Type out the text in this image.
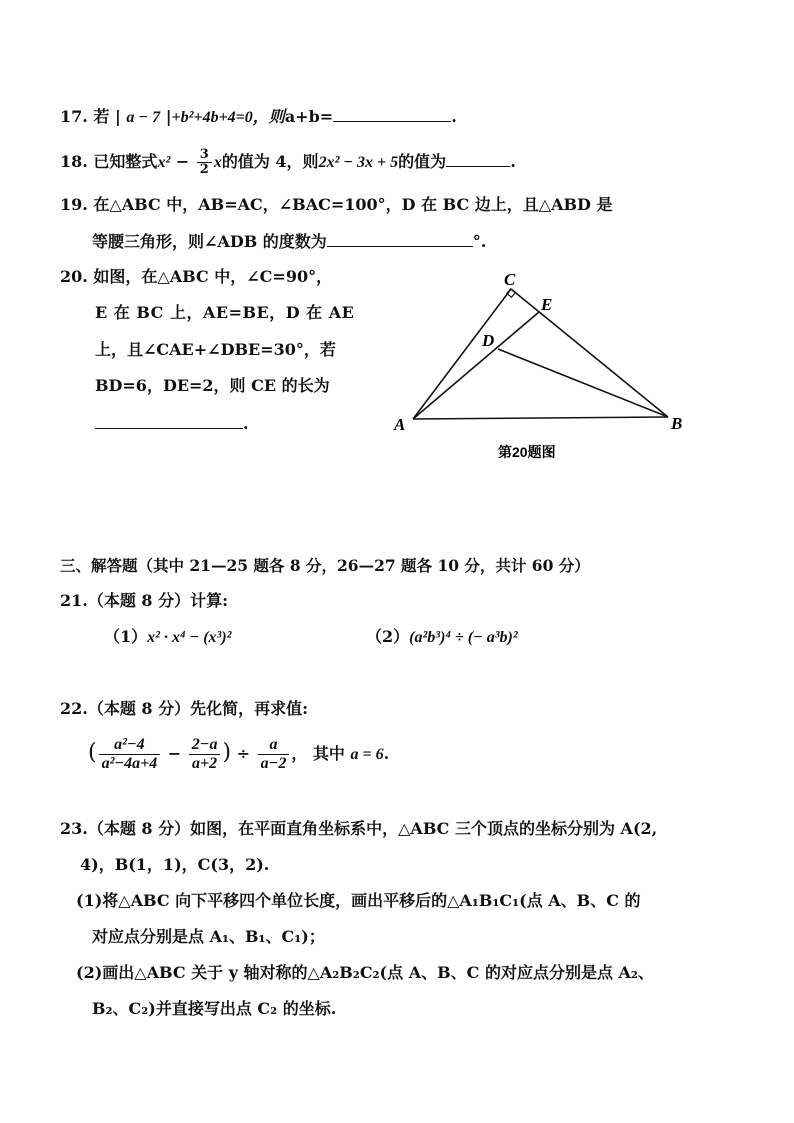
17. 若 | a − 7 |+b²+4b+4=0，则a+b=	.
18. 已知整式$x^2 - \frac{3}{2}$ x的值为 4，则2x² − 3x + 5的值为	.
19. 在△ABC 中，AB=AC，∠BAC=100°，D 在 BC 边上，且△ABD 是
等腰三角形，则∠ADB 的度数为	°.
20. 如图，在△ABC 中，∠C=90°，
E 在 BC 上，AE=BE，D 在 AE
上，且∠CAE+∠DBE=30°，若
BD=6，DE=2，则 CE 的长为
.
C
E
D
A	B
第20题图
三、解答题（其中 21—25 题各 8 分，26—27 题各 10 分，共计 60 分）
21.（本题 8 分）计算:
（1）x² · x⁴ − (x³)²	（2）(a²b³)⁴ ÷ (− a³b)²
22.（本题 8 分）先化简，再求值:
( $\frac{\text{a²−4}}{\text{a²−4a+4}} - \frac{2-a}{a+2}$ ) ÷ $\frac{a}{a-2}$ ， 其中 a = 6.
23.（本题 8 分）如图，在平面直角坐标系中，△ABC 三个顶点的坐标分别为 A(2,
4)，B(1，1)，C(3，2).
(1)将△ABC 向下平移四个单位长度，画出平移后的△A₁B₁C₁(点 A、B、C 的
对应点分别是点 A₁、B₁、C₁)；
(2)画出△ABC 关于 y 轴对称的△A₂B₂C₂(点 A、B、C 的对应点分别是点 A₂、
B₂、C₂)并直接写出点 C₂ 的坐标.
